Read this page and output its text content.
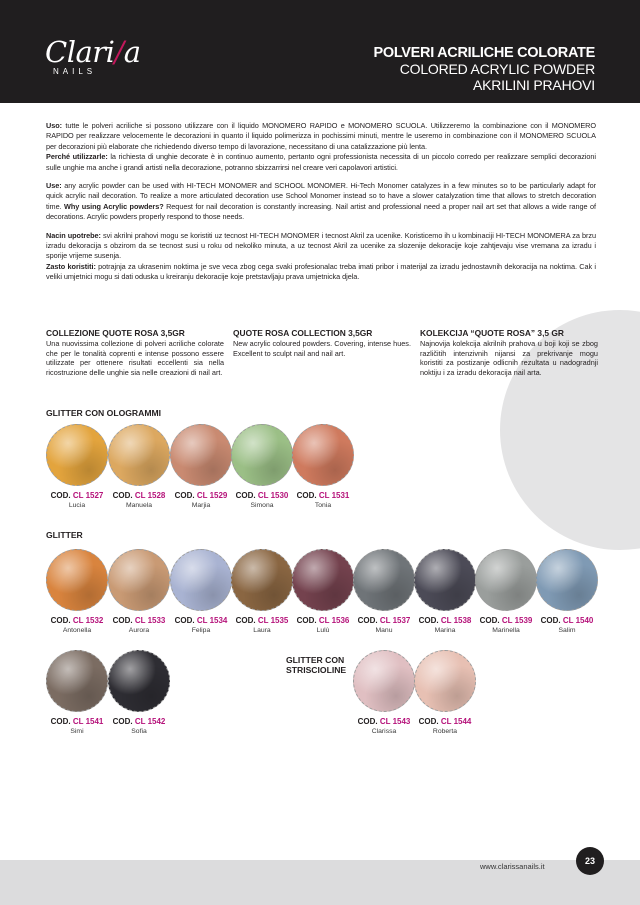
Clari/a
NAILS
POLVERI ACRILICHE COLORATE
COLORED ACRYLIC POWDER
AKRILINI PRAHOVI

Uso: tutte le polveri acriliche si possono utilizzare con il liquido MONOMERO RAPIDO e MONOMERO SCUOLA. Utilizzeremo la combinazione con il MONOMERO RAPIDO per realizzare velocemente le decorazioni in quanto il liquido polimerizza in pochissimi minuti, mentre le useremo in combinazione con il MONOMERO SCUOLA per decorazioni più elaborate che richiedendo diverso tempo di lavorazione, necessitano di una catalizzazione più lenta.
Perché utilizzarle: la richiesta di unghie decorate è in continuo aumento, pertanto ogni professionista necessita di un piccolo corredo per realizzare semplici decorazioni sulle unghie ma anche i grandi artisti nella decorazione, potranno sbizzarrirsi nel creare veri capolavori artistici.

Use: any acrylic powder can be used with HI-TECH MONOMER and SCHOOL MONOMER. Hi-Tech Monomer catalyzes in a few minutes so to be particularly adapt for quick acrylic nail decoration. To realize a more articulated decoration use School Monomer instead so to have a slower catalyzation time that allows to stretch decoration time. Why using Acrylic powders? Request for nail decoration is constantly increasing. Nail artist and professional need a proper nail art set that allows a wide range of decorations. Acrylic powders properly respond to those needs.

Nacin upotrebe: svi akrilni prahovi mogu se koristiti uz tecnost HI-TECH MONOMER i tecnost Akril za ucenike. Koristicemo ih u kombinaciji HI-TECH MONOMERA za brzu izradu dekoracija s obzirom da se tecnost susi u roku od nekoliko minuta, a uz tecnost Akril za ucenike za slozenije dekoracije koje zahtjevaju vise vremana za izradu i sporije vrijeme susenja.
Zasto koristiti: potrajnja za ukrasenim noktima je sve veca zbog cega svaki profesionalac treba imati pribor i materijal za izradu jednostavnih dekoracija na noktima. Cak i veliki umjetnici mogu si dati oduska u kreiranju dekoracije koje pretstavljaju prava umjetnicka djela.

COLLEZIONE QUOTE ROSA 3,5GR
Una nuovissima collezione di polveri acriliche colorate che per le tonalità coprenti e intense possono essere utilizzate per ottenere risultati eccellenti sia nella ricostruzione delle unghie sia nelle creazioni di nail art.
QUOTE ROSA COLLECTION 3,5GR
New acrylic coloured powders. Covering, intense hues. Excellent to sculpt nail and nail art.
KOLEKCIJA “QUOTE ROSA” 3,5 GR
Najnovija kolekcija akrilnih prahova u boji koji se zbog različitih intenzivnih nijansi za prekrivanje mogu koristiti za postizanje odlicnih rezultata u nadogradnji noktiju i za izradu dekoracija nail arta.
GLITTER CON OLOGRAMMI
GLITTER
GLITTER CON
STRISCIOLINE
COD. CL 1527
Lucia
COD. CL 1528
Manuela
COD. CL 1529
Marjia
COD. CL 1530
Simona
COD. CL 1531
Tonia
COD. CL 1532
Antonella
COD. CL 1533
Aurora
COD. CL 1534
Felipa
COD. CL 1535
Laura
COD. CL 1536
Lulù
COD. CL 1537
Manu
COD. CL 1538
Marina
COD. CL 1539
Marinella
COD. CL 1540
Salim
COD. CL 1541
Simi
COD. CL 1542
Sofia
COD. CL 1543
Clarissa
COD. CL 1544
Roberta
www.clarissanails.it
23
